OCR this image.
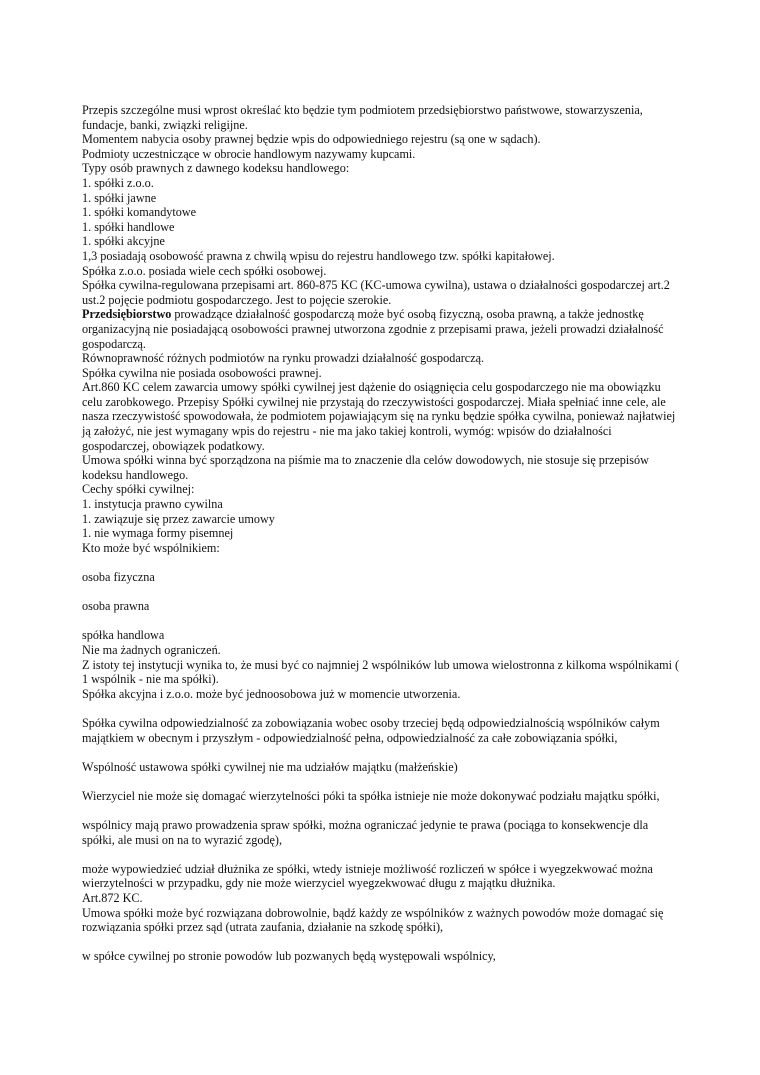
Przepis szczególne musi wprost określać kto będzie tym podmiotem przedsiębiorstwo państwowe, stowarzyszenia, fundacje, banki, związki religijne.

Momentem nabycia osoby prawnej będzie wpis do odpowiedniego rejestru (są one w sądach).

Podmioty uczestniczące w obrocie handlowym nazywamy kupcami.

Typy osób prawnych z dawnego kodeksu handlowego:

1. spółki z.o.o.

1. spółki jawne

1. spółki komandytowe

1. spółki handlowe

1. spółki akcyjne

1,3 posiadają osobowość prawna z chwilą wpisu do rejestru handlowego tzw. spółki kapitałowej.

Spółka z.o.o. posiada wiele cech spółki osobowej.

Spółka cywilna-regulowana przepisami art. 860-875 KC (KC-umowa cywilna), ustawa o działalności gospodarczej art.2 ust.2 pojęcie podmiotu gospodarczego. Jest to pojęcie szerokie.

Przedsiębiorstwo prowadzące działalność gospodarczą może być osobą fizyczną, osoba prawną, a także jednostkę organizacyjną nie posiadającą osobowości prawnej utworzona zgodnie z przepisami prawa, jeżeli prowadzi działalność gospodarczą.

Równoprawność różnych podmiotów na rynku prowadzi działalność gospodarczą.

Spółka cywilna nie posiada osobowości prawnej.

Art.860 KC celem zawarcia umowy spółki cywilnej jest dążenie do osiągnięcia celu gospodarczego nie ma obowiązku celu zarobkowego. Przepisy Spółki cywilnej nie przystają do rzeczywistości gospodarczej. Miała spełniać inne cele, ale nasza rzeczywistość spowodowała, że podmiotem pojawiającym się na rynku będzie spółka cywilna, ponieważ najłatwiej ją założyć, nie jest wymagany wpis do rejestru - nie ma jako takiej kontroli, wymóg: wpisów do działalności gospodarczej, obowiązek podatkowy.

Umowa spółki winna być sporządzona na piśmie ma to znaczenie dla celów dowodowych, nie stosuje się przepisów kodeksu handlowego.

Cechy spółki cywilnej:

1. instytucja prawno cywilna

1. zawiązuje się przez zawarcie umowy

1. nie wymaga formy pisemnej

Kto może być wspólnikiem:

osoba fizyczna

osoba prawna

spółka handlowa

Nie ma żadnych ograniczeń.

Z istoty tej instytucji wynika to, że musi być co najmniej 2 wspólników lub umowa wielostronna z kilkoma wspólnikami ( 1 wspólnik - nie ma spółki).

Spółka akcyjna i z.o.o. może być jednoosobowa już w momencie utworzenia.

Spółka cywilna odpowiedzialność za zobowiązania wobec osoby trzeciej będą odpowiedzialnością wspólników całym majątkiem w obecnym i przyszłym - odpowiedzialność pełna, odpowiedzialność za całe zobowiązania spółki,

Wspólność ustawowa spółki cywilnej nie ma udziałów majątku (małżeńskie)

Wierzyciel nie może się domagać wierzytelności póki ta spółka istnieje nie może dokonywać podziału majątku spółki,

wspólnicy mają prawo prowadzenia spraw spółki, można ograniczać jedynie te prawa (pociąga to konsekwencje dla spółki, ale musi on na to wyrazić zgodę),

może wypowiedzieć udział dłużnika ze spółki, wtedy istnieje możliwość rozliczeń w spółce i wyegzekwować można wierzytelności w przypadku, gdy nie może wierzyciel wyegzekwować długu z majątku dłużnika.

Art.872 KC.

Umowa spółki może być rozwiązana dobrowolnie, bądź każdy ze wspólników z ważnych powodów może domagać się rozwiązania spółki przez sąd (utrata zaufania, działanie na szkodę spółki),

w spółce cywilnej po stronie powodów lub pozwanych będą występowali wspólnicy,
